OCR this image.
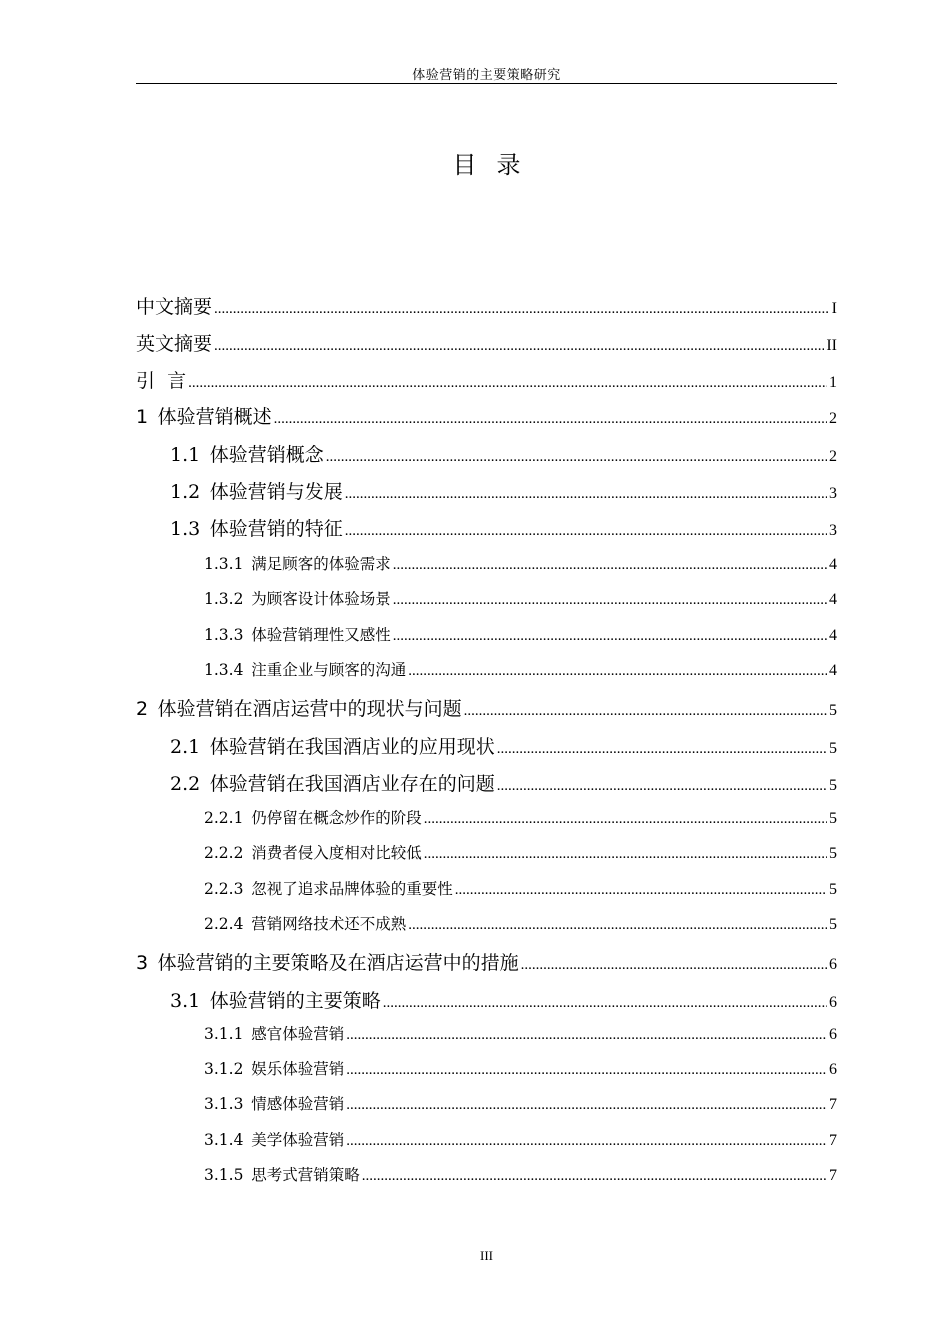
体验营销的主要策略研究
目录
中文摘要 .....	I
英文摘要 .....	II
引  言 .....	1
1 体验营销概述 .....	2
1.1 体验营销概念 .....	2
1.2 体验营销与发展 .....	3
1.3 体验营销的特征 .....	3
1.3.1 满足顾客的体验需求 .....	4
1.3.2 为顾客设计体验场景 .....	4
1.3.3 体验营销理性又感性 .....	4
1.3.4 注重企业与顾客的沟通 .....	4
2 体验营销在酒店运营中的现状与问题 .....	5
2.1 体验营销在我国酒店业的应用现状 .....	5
2.2 体验营销在我国酒店业存在的问题 .....	5
2.2.1 仍停留在概念炒作的阶段 .....	5
2.2.2 消费者侵入度相对比较低 .....	5
2.2.3 忽视了追求品牌体验的重要性 .....	5
2.2.4 营销网络技术还不成熟 .....	5
3 体验营销的主要策略及在酒店运营中的措施 .....	6
3.1 体验营销的主要策略 .....	6
3.1.1 感官体验营销 .....	6
3.1.2 娱乐体验营销 .....	6
3.1.3 情感体验营销 .....	7
3.1.4 美学体验营销 .....	7
3.1.5 思考式营销策略 .....	7
III
